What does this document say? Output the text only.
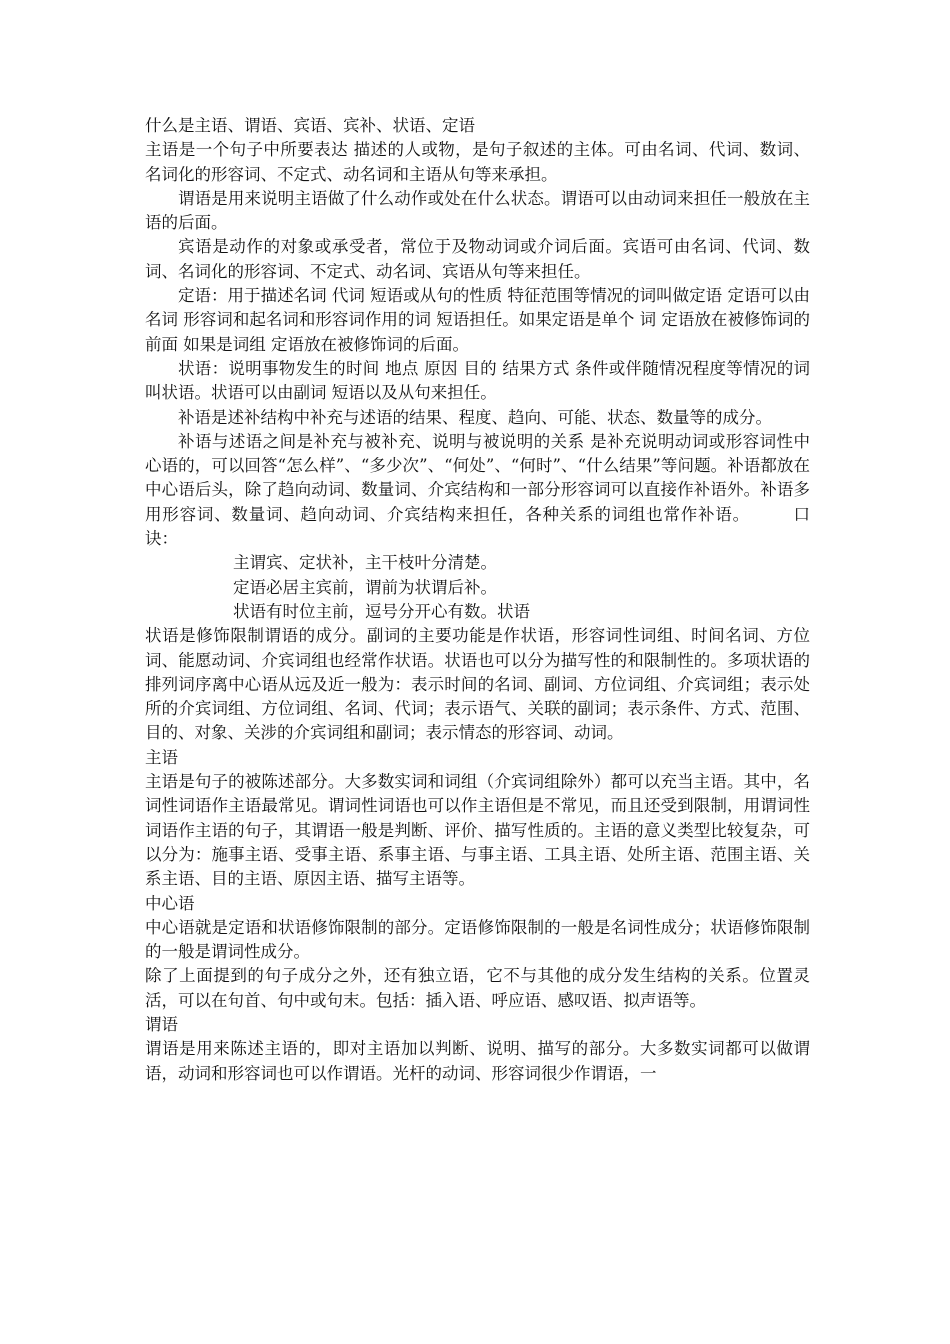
什么是主语、谓语、宾语、宾补、状语、定语

主语是一个句子中所要表达 描述的人或物，是句子叙述的主体。可由名词、代词、数词、名词化的形容词、不定式、动名词和主语从句等来承担。

谓语是用来说明主语做了什么动作或处在什么状态。谓语可以由动词来担任一般放在主语的后面。

宾语是动作的对象或承受者，常位于及物动词或介词后面。宾语可由名词、代词、数词、名词化的形容词、不定式、动名词、宾语从句等来担任。

定语：用于描述名词 代词 短语或从句的性质 特征范围等情况的词叫做定语 定语可以由名词 形容词和起名词和形容词作用的词 短语担任。如果定语是单个 词 定语放在被修饰词的前面 如果是词组 定语放在被修饰词的后面。

状语：说明事物发生的时间 地点 原因 目的 结果方式 条件或伴随情况程度等情况的词叫状语。状语可以由副词 短语以及从句来担任。

补语是述补结构中补充与述语的结果、程度、趋向、可能、状态、数量等的成分。

补语与述语之间是补充与被补充、说明与被说明的关系 是补充说明动词或形容词性中心语的，可以回答“怎么样”、“多少次”、“何处”、“何时”、“什么结果”等问题。补语都放在中心语后头，除了趋向动词、数量词、介宾结构和一部分形容词可以直接作补语外。补语多用形容词、数量词、趋向动词、介宾结构来担任，各种关系的词组也常作补语。　　　口诀：

主谓宾、定状补，主干枝叶分清楚。

定语必居主宾前，谓前为状谓后补。

状语有时位主前，逗号分开心有数。状语

状语是修饰限制谓语的成分。副词的主要功能是作状语，形容词性词组、时间名词、方位词、能愿动词、介宾词组也经常作状语。状语也可以分为描写性的和限制性的。多项状语的排列词序离中心语从远及近一般为：表示时间的名词、副词、方位词组、介宾词组；表示处所的介宾词组、方位词组、名词、代词；表示语气、关联的副词；表示条件、方式、范围、目的、对象、关涉的介宾词组和副词；表示情态的形容词、动词。

主语

主语是句子的被陈述部分。大多数实词和词组（介宾词组除外）都可以充当主语。其中，名词性词语作主语最常见。谓词性词语也可以作主语但是不常见，而且还受到限制，用谓词性词语作主语的句子，其谓语一般是判断、评价、描写性质的。主语的意义类型比较复杂，可以分为：施事主语、受事主语、系事主语、与事主语、工具主语、处所主语、范围主语、关系主语、目的主语、原因主语、描写主语等。

中心语

中心语就是定语和状语修饰限制的部分。定语修饰限制的一般是名词性成分；状语修饰限制的一般是谓词性成分。

除了上面提到的句子成分之外，还有独立语，它不与其他的成分发生结构的关系。位置灵活，可以在句首、句中或句末。包括：插入语、呼应语、感叹语、拟声语等。

谓语

谓语是用来陈述主语的，即对主语加以判断、说明、描写的部分。大多数实词都可以做谓语，动词和形容词也可以作谓语。光杆的动词、形容词很少作谓语，一
